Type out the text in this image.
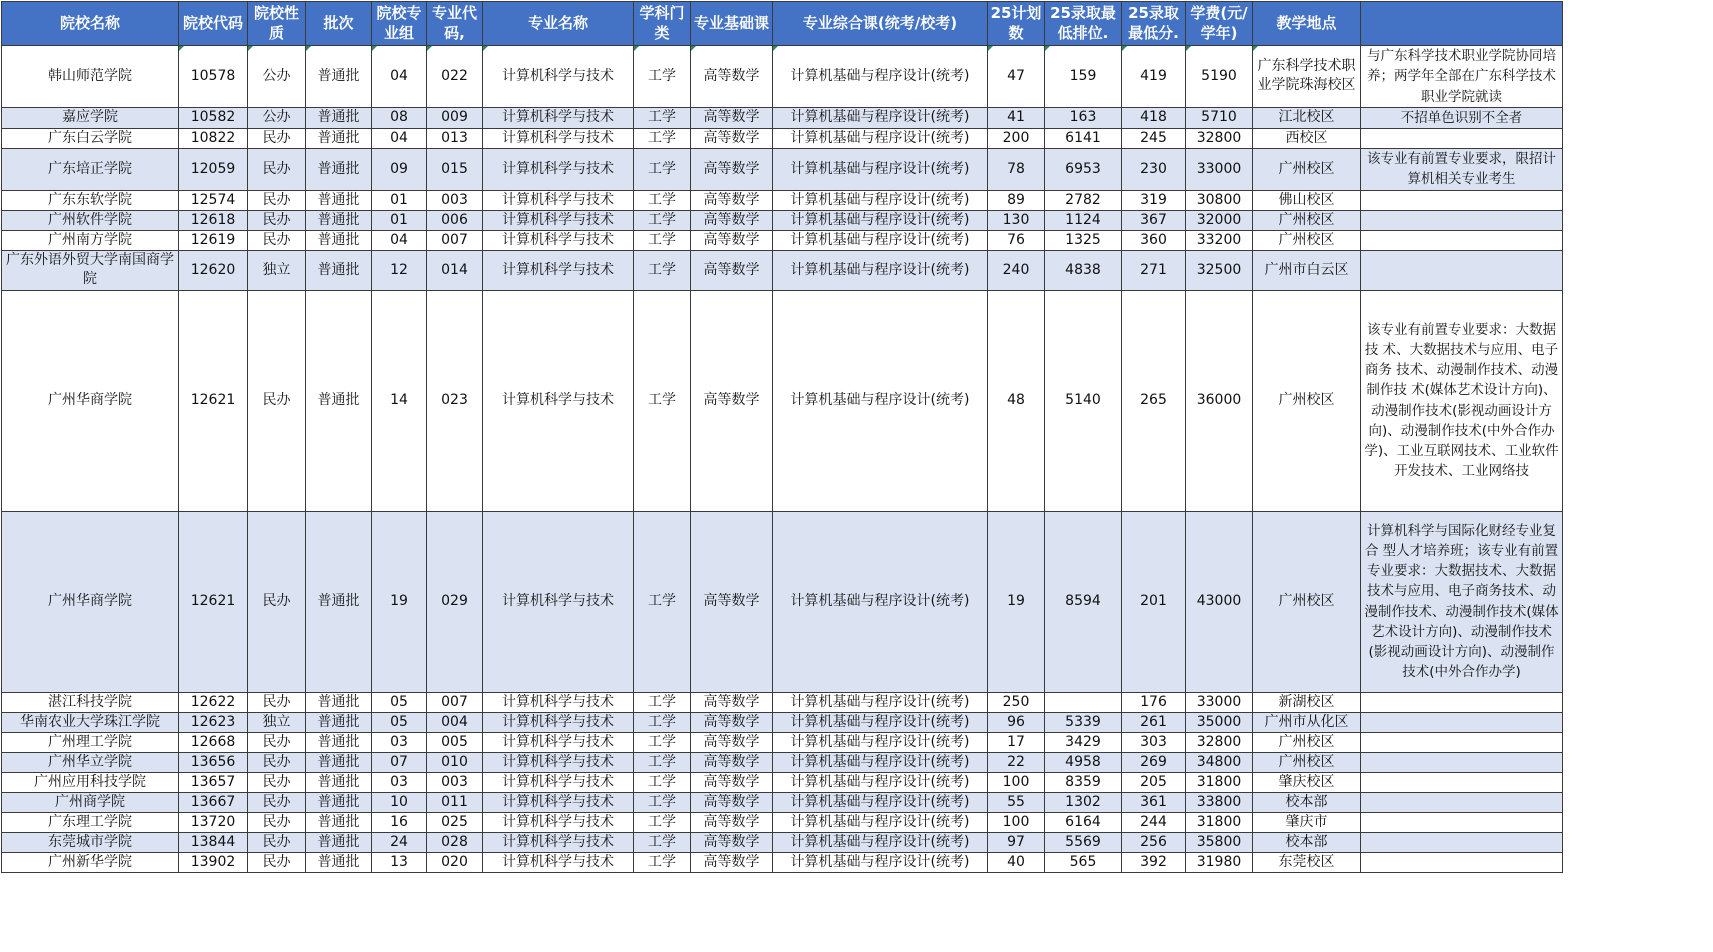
院校名称	院校代码	院校性质	批次	院校专业组	专业代码,	专业名称	学科门类	专业基础课	专业综合课(统考/校考)	25计划数	25录取最低排位.	25录取最低分.	学费(元/学年)	教学地点	
韩山师范学院	10578	公办	普通批	04	022	计算机科学与技术	工学	高等数学	计算机基础与程序设计(统考)	47	159	419	5190	广东科学技术职业学院珠海校区	与广东科学技术职业学院协同培养；两学年全部在广东科学技术职业学院就读
嘉应学院	10582	公办	普通批	08	009	计算机科学与技术	工学	高等数学	计算机基础与程序设计(统考)	41	163	418	5710	江北校区	不招单色识别不全者
广东白云学院	10822	民办	普通批	04	013	计算机科学与技术	工学	高等数学	计算机基础与程序设计(统考)	200	6141	245	32800	西校区	
广东培正学院	12059	民办	普通批	09	015	计算机科学与技术	工学	高等数学	计算机基础与程序设计(统考)	78	6953	230	33000	广州校区	该专业有前置专业要求，限招计算机相关专业考生
广东东软学院	12574	民办	普通批	01	003	计算机科学与技术	工学	高等数学	计算机基础与程序设计(统考)	89	2782	319	30800	佛山校区	
广州软件学院	12618	民办	普通批	01	006	计算机科学与技术	工学	高等数学	计算机基础与程序设计(统考)	130	1124	367	32000	广州校区	
广州南方学院	12619	民办	普通批	04	007	计算机科学与技术	工学	高等数学	计算机基础与程序设计(统考)	76	1325	360	33200	广州校区	
广东外语外贸大学南国商学院	12620	独立	普通批	12	014	计算机科学与技术	工学	高等数学	计算机基础与程序设计(统考)	240	4838	271	32500	广州市白云区	
广州华商学院	12621	民办	普通批	14	023	计算机科学与技术	工学	高等数学	计算机基础与程序设计(统考)	48	5140	265	36000	广州校区	该专业有前置专业要求：大数据技 术、大数据技术与应用、电子商务 技术、动漫制作技术、动漫制作技 术(媒体艺术设计方向)、动漫制作技术(影视动画设计方向)、动漫制作技术(中外合作办学)、工业互联网技术、工业软件开发技术、工业网络技
广州华商学院	12621	民办	普通批	19	029	计算机科学与技术	工学	高等数学	计算机基础与程序设计(统考)	19	8594	201	43000	广州校区	计算机科学与国际化财经专业复合 型人才培养班；该专业有前置专业要求：大数据技术、大数据技术与应用、电子商务技术、动漫制作技术、动漫制作技术(媒体艺术设计方向)、动漫制作技术(影视动画设计方向)、动漫制作技术(中外合作办学)
湛江科技学院	12622	民办	普通批	05	007	计算机科学与技术	工学	高等数学	计算机基础与程序设计(统考)	250		176	33000	新湖校区	
华南农业大学珠江学院	12623	独立	普通批	05	004	计算机科学与技术	工学	高等数学	计算机基础与程序设计(统考)	96	5339	261	35000	广州市从化区	
广州理工学院	12668	民办	普通批	03	005	计算机科学与技术	工学	高等数学	计算机基础与程序设计(统考)	17	3429	303	32800	广州校区	
广州华立学院	13656	民办	普通批	07	010	计算机科学与技术	工学	高等数学	计算机基础与程序设计(统考)	22	4958	269	34800	广州校区	
广州应用科技学院	13657	民办	普通批	03	003	计算机科学与技术	工学	高等数学	计算机基础与程序设计(统考)	100	8359	205	31800	肇庆校区	
广州商学院	13667	民办	普通批	10	011	计算机科学与技术	工学	高等数学	计算机基础与程序设计(统考)	55	1302	361	33800	校本部	
广东理工学院	13720	民办	普通批	16	025	计算机科学与技术	工学	高等数学	计算机基础与程序设计(统考)	100	6164	244	31800	肇庆市	
东莞城市学院	13844	民办	普通批	24	028	计算机科学与技术	工学	高等数学	计算机基础与程序设计(统考)	97	5569	256	35800	校本部	
广州新华学院	13902	民办	普通批	13	020	计算机科学与技术	工学	高等数学	计算机基础与程序设计(统考)	40	565	392	31980	东莞校区	
